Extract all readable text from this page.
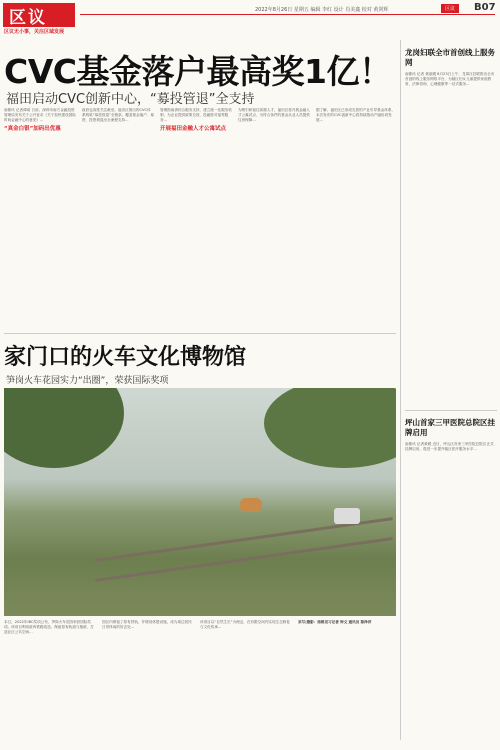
区议
区议无小事，关注区域发展
2022年8月26日 星期五 编辑 李红 设计 肖美鑫 校对 黄剑辉	区议	B07
CVC基金落户最高奖1亿！
福田启动CVC创新中心，“募投管退”全支持
南都讯 记者谭诺 日前，深圳市南方金融投资管理局发布关于公开征求《关于加快建设国际时尚金融中心的意见》...
“真金白银”加码出优惠
政府也高度关注截至。福田区推出的CVC体系构筑“募投管退”全链条，覆盖基金落户、募资、投资到退出全流程支持...
管理指南请综合服务支持，建立统一化服务机制，为企业提供政策兑现、投融资对接等服务...
开展福田金融人才公寓试点
为吸引和留住高端人才，福田区将开展金融人才公寓试点，为符合条件的基金从业人员提供住房保障...
据了解，福田区已形成完善的产业引导基金体系，本次发布的CVC创新中心将持续推动产融协同发展...
龙岗妇联全市首创线上服务网
南都讯 记者 黄丽媛 8月23日上午，龙岗区妇联推出全市首创的线上服务网络平台，为辖区妇女儿童提供家庭教育、法律咨询、心理健康等一站式服务...
坪山首家三甲医院总院区挂牌启用
南都讯 记者黄媛 近日，坪山区首家三甲医院总院区正式挂牌启用，将进一步提升辖区医疗服务水平...
家门口的火车文化博物馆
笋岗火车花园实力“出圈”，荣获国际奖项
本日，2022年IBC奖项公布，笋岗火车花园荣获国际奖项。该项目利用废弃铁路改造，保留原有轨道与植被，打造社区公共空间...
园区内保留了原有铁轨，并增设休憩设施，成为周边居民日常休闲的好去处...
该项目以“自然生长”为理念，在有限空间内实现生态修复与文化传承...
采写/摄影：南都见习记者 钟文 通讯员 陈泽洋
